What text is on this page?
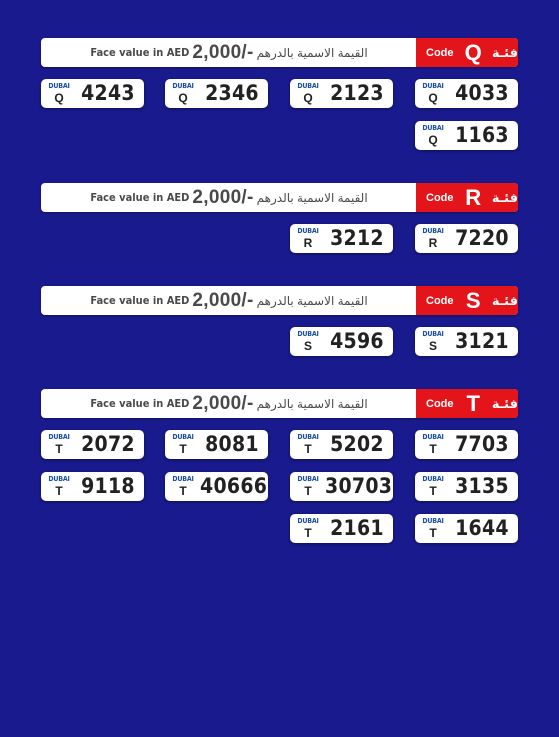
Face value in AED 2,000/- القيمة الاسمية بالدرهم	Code Q فئـة
DUBAI
Q 4033
DUBAI
Q 2123
DUBAI
Q 2346
DUBAI
Q 4243
DUBAI
Q 1163
Face value in AED 2,000/- القيمة الاسمية بالدرهم	Code R فئـة
DUBAI
R 7220
DUBAI
R 3212
Face value in AED 2,000/- القيمة الاسمية بالدرهم	Code S فئـة
DUBAI
S 3121
DUBAI
S 4596
Face value in AED 2,000/- القيمة الاسمية بالدرهم	Code T فئـة
DUBAI
T 7703
DUBAI
T 5202
DUBAI
T 8081
DUBAI
T 2072
DUBAI
T 3135
DUBAI
T 30703
DUBAI
T 40666
DUBAI
T 9118
DUBAI
T 1644
DUBAI
T 2161
